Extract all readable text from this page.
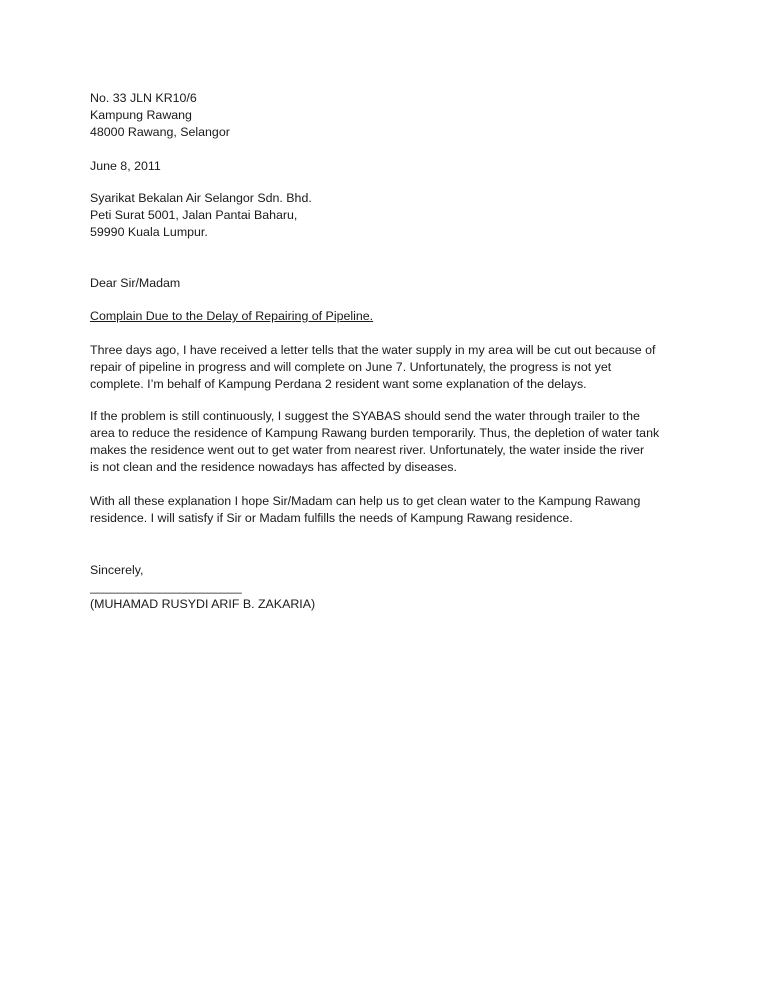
No. 33 JLN KR10/6
Kampung Rawang
48000 Rawang, Selangor
June 8, 2011
Syarikat Bekalan Air Selangor Sdn. Bhd.
Peti Surat 5001, Jalan Pantai Baharu,
59990 Kuala Lumpur.
Dear Sir/Madam
Complain Due to the Delay of Repairing of Pipeline.
Three days ago, I have received a letter tells that the water supply in my area will be cut out because of
repair of pipeline in progress and will complete on June 7. Unfortunately, the progress is not yet
complete. I’m behalf of Kampung Perdana 2 resident want some explanation of the delays.
If the problem is still continuously, I suggest the SYABAS should send the water through trailer to the
area to reduce the residence of Kampung Rawang burden temporarily. Thus, the depletion of water tank
makes the residence went out to get water from nearest river. Unfortunately, the water inside the river
is not clean and the residence nowadays has affected by diseases.
With all these explanation I hope Sir/Madam can help us to get clean water to the Kampung Rawang
residence. I will satisfy if Sir or Madam fulfills the needs of Kampung Rawang residence.
Sincerely,
______________________
(MUHAMAD RUSYDI ARIF B. ZAKARIA)
